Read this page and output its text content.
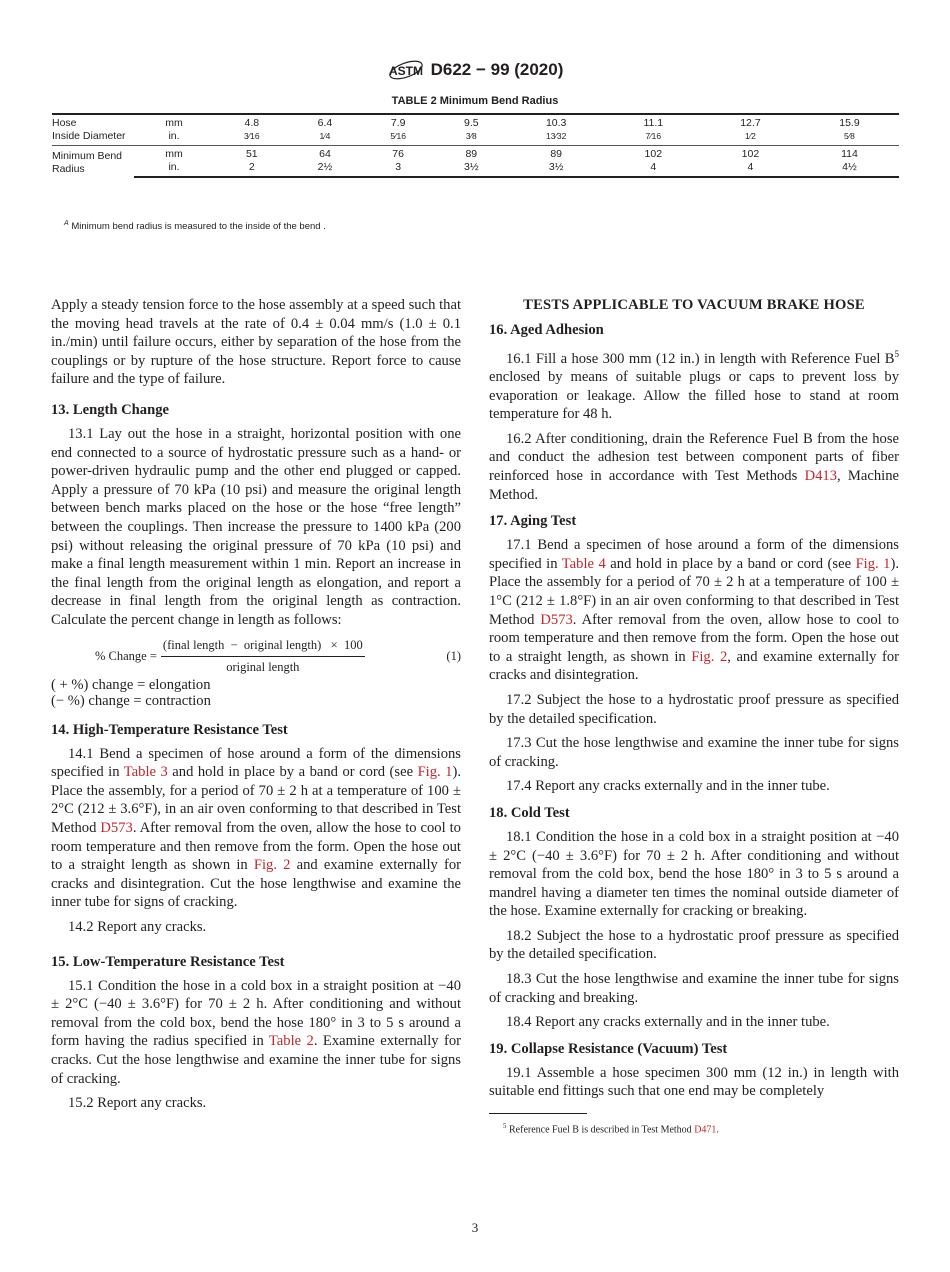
ASTM D622 − 99 (2020)
TABLE 2 Minimum Bend Radius
Hose	mm	4.8	6.4	7.9	9.5	10.3	11.1	12.7	15.9
Inside Diameter	in.	3⁄16	1⁄4	5⁄16	3⁄8	13⁄32	7⁄16	1⁄2	5⁄8
Minimum Bend Radius	mm	51	64	76	89	89	102	102	114
	in.	2	2½	3	3½	3½	4	4	4½
$^A$ Minimum bend radius is measured to the inside of the bend .

Apply a steady tension force to the hose assembly at a speed such that the moving head travels at the rate of 0.4 ± 0.04 mm/s (1.0 ± 0.1 in./min) until failure occurs, either by separation of the hose from the couplings or by rupture of the hose structure. Report force to cause failure and the type of failure.

13. Length Change

13.1 Lay out the hose in a straight, horizontal position with one end connected to a source of hydrostatic pressure such as a hand- or power-driven hydraulic pump and the other end plugged or capped. Apply a pressure of 70 kPa (10 psi) and measure the original length between bench marks placed on the hose or the hose “free length” between the couplings. Then increase the pressure to 1400 kPa (200 psi) without releasing the original pressure of 70 kPa (10 psi) and make a final length measurement within 1 min. Report an increase in the final length from the original length as elongation, and report a decrease in final length from the original length as contraction. Calculate the percent change in length as follows:

% Change = $\frac{\text{(final length  −  original length)   ×  100}}{\text{original length}}$	(1)
( + %) change = elongation
(− %) change = contraction
14. High-Temperature Resistance Test

14.1 Bend a specimen of hose around a form of the dimensions specified in Table 3 and hold in place by a band or cord (see Fig. 1). Place the assembly, for a period of 70 ± 2 h at a temperature of 100 ± 2°C (212 ± 3.6°F), in an air oven conforming to that described in Test Method D573. After removal from the oven, allow the hose to cool to room temperature and then remove from the form. Open the hose out to a straight length as shown in Fig. 2 and examine externally for cracks and disintegration. Cut the hose lengthwise and examine the inner tube for signs of cracking.

14.2 Report any cracks.

15. Low-Temperature Resistance Test

15.1 Condition the hose in a cold box in a straight position at −40 ± 2°C (−40 ± 3.6°F) for 70 ± 2 h. After conditioning and without removal from the cold box, bend the hose 180° in 3 to 5 s around a form having the radius specified in Table 2. Examine externally for cracks. Cut the hose lengthwise and examine the inner tube for signs of cracking.

15.2 Report any cracks.

TESTS APPLICABLE TO VACUUM BRAKE HOSE
16. Aged Adhesion

16.1 Fill a hose 300 mm (12 in.) in length with Reference Fuel $B^5$ enclosed by means of suitable plugs or caps to prevent loss by evaporation or leakage. Allow the filled hose to stand at room temperature for 48 h.

16.2 After conditioning, drain the Reference Fuel B from the hose and conduct the adhesion test between component parts of fiber reinforced hose in accordance with Test Methods D413, Machine Method.

17. Aging Test

17.1 Bend a specimen of hose around a form of the dimensions specified in Table 4 and hold in place by a band or cord (see Fig. 1). Place the assembly for a period of 70 ± 2 h at a temperature of 100 ± 1°C (212 ± 1.8°F) in an air oven conforming to that described in Test Method D573. After removal from the oven, allow hose to cool to room temperature and then remove from the form. Open the hose out to a straight length, as shown in Fig. 2, and examine externally for cracks and disintegration.

17.2 Subject the hose to a hydrostatic proof pressure as specified by the detailed specification.

17.3 Cut the hose lengthwise and examine the inner tube for signs of cracking.

17.4 Report any cracks externally and in the inner tube.

18. Cold Test

18.1 Condition the hose in a cold box in a straight position at −40 ± 2°C (−40 ± 3.6°F) for 70 ± 2 h. After conditioning and without removal from the cold box, bend the hose 180° in 3 to 5 s around a mandrel having a diameter ten times the nominal outside diameter of the hose. Examine externally for cracking or breaking.

18.2 Subject the hose to a hydrostatic proof pressure as specified by the detailed specification.

18.3 Cut the hose lengthwise and examine the inner tube for signs of cracking and breaking.

18.4 Report any cracks externally and in the inner tube.

19. Collapse Resistance (Vacuum) Test

19.1 Assemble a hose specimen 300 mm (12 in.) in length with suitable end fittings such that one end may be completely

$^5$ Reference Fuel B is described in Test Method D471.
3
